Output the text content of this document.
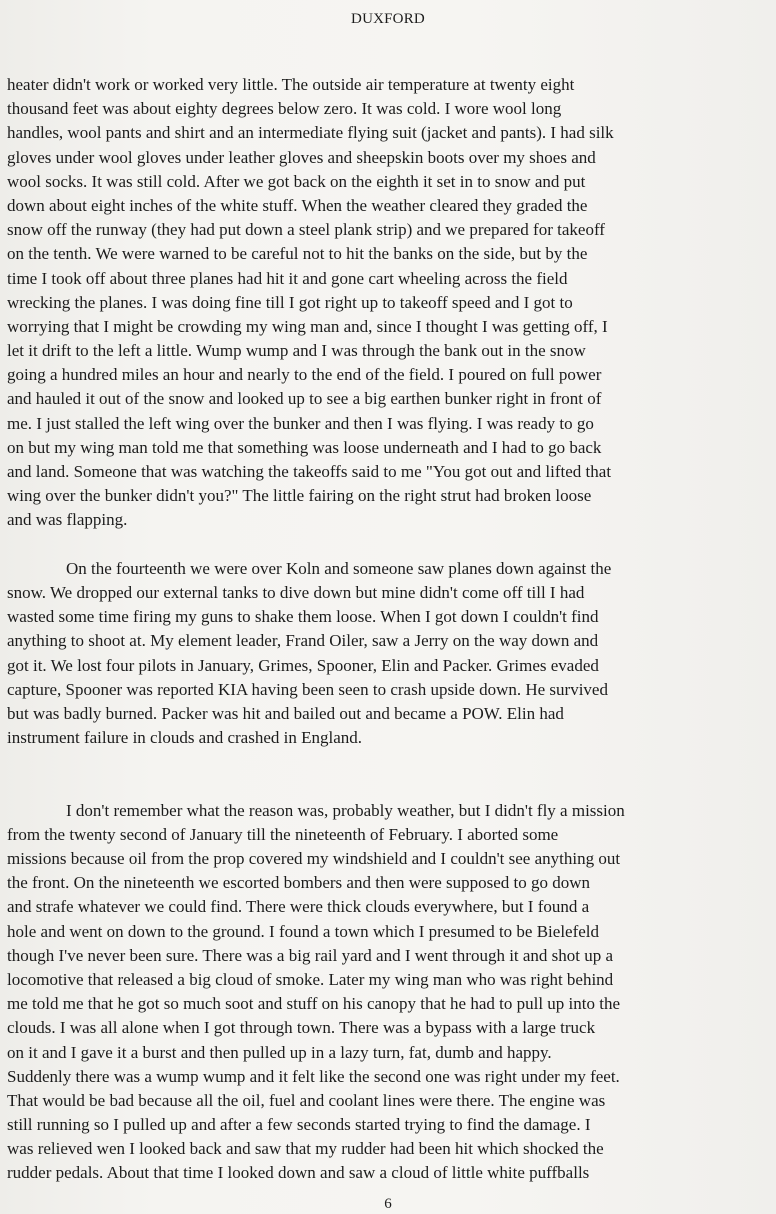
DUXFORD
heater didn't work or worked very little. The outside air temperature at twenty eight
thousand feet was about eighty degrees below zero. It was cold. I wore wool long
handles, wool pants and shirt and an intermediate flying suit (jacket and pants). I had silk
gloves under wool gloves under leather gloves and sheepskin boots over my shoes and
wool socks. It was still cold. After we got back on the eighth it set in to snow and put
down about eight inches of the white stuff. When the weather cleared they graded the
snow off the runway (they had put down a steel plank strip) and we prepared for takeoff
on the tenth. We were warned to be careful not to hit the banks on the side, but by the
time I took off about three planes had hit it and gone cart wheeling across the field
wrecking the planes. I was doing fine till I got right up to takeoff speed and I got to
worrying that I might be crowding my wing man and, since I thought I was getting off, I
let it drift to the left a little. Wump wump and I was through the bank out in the snow
going a hundred miles an hour and nearly to the end of the field. I poured on full power
and hauled it out of the snow and looked up to see a big earthen bunker right in front of
me. I just stalled the left wing over the bunker and then I was flying. I was ready to go
on but my wing man told me that something was loose underneath and I had to go back
and land. Someone that was watching the takeoffs said to me "You got out and lifted that
wing over the bunker didn't you?" The little fairing on the right strut had broken loose
and was flapping.
On the fourteenth we were over Koln and someone saw planes down against the
snow. We dropped our external tanks to dive down but mine didn't come off till I had
wasted some time firing my guns to shake them loose. When I got down I couldn't find
anything to shoot at. My element leader, Frand Oiler, saw a Jerry on the way down and
got it. We lost four pilots in January, Grimes, Spooner, Elin and Packer. Grimes evaded
capture, Spooner was reported KIA having been seen to crash upside down. He survived
but was badly burned. Packer was hit and bailed out and became a POW. Elin had
instrument failure in clouds and crashed in England.
I don't remember what the reason was, probably weather, but I didn't fly a mission
from the twenty second of January till the nineteenth of February. I aborted some
missions because oil from the prop covered my windshield and I couldn't see anything out
the front. On the nineteenth we escorted bombers and then were supposed to go down
and strafe whatever we could find. There were thick clouds everywhere, but I found a
hole and went on down to the ground. I found a town which I presumed to be Bielefeld
though I've never been sure. There was a big rail yard and I went through it and shot up a
locomotive that released a big cloud of smoke. Later my wing man who was right behind
me told me that he got so much soot and stuff on his canopy that he had to pull up into the
clouds. I was all alone when I got through town. There was a bypass with a large truck
on it and I gave it a burst and then pulled up in a lazy turn, fat, dumb and happy.
Suddenly there was a wump wump and it felt like the second one was right under my feet.
That would be bad because all the oil, fuel and coolant lines were there. The engine was
still running so I pulled up and after a few seconds started trying to find the damage. I
was relieved wen I looked back and saw that my rudder had been hit which shocked the
rudder pedals. About that time I looked down and saw a cloud of little white puffballs
6
